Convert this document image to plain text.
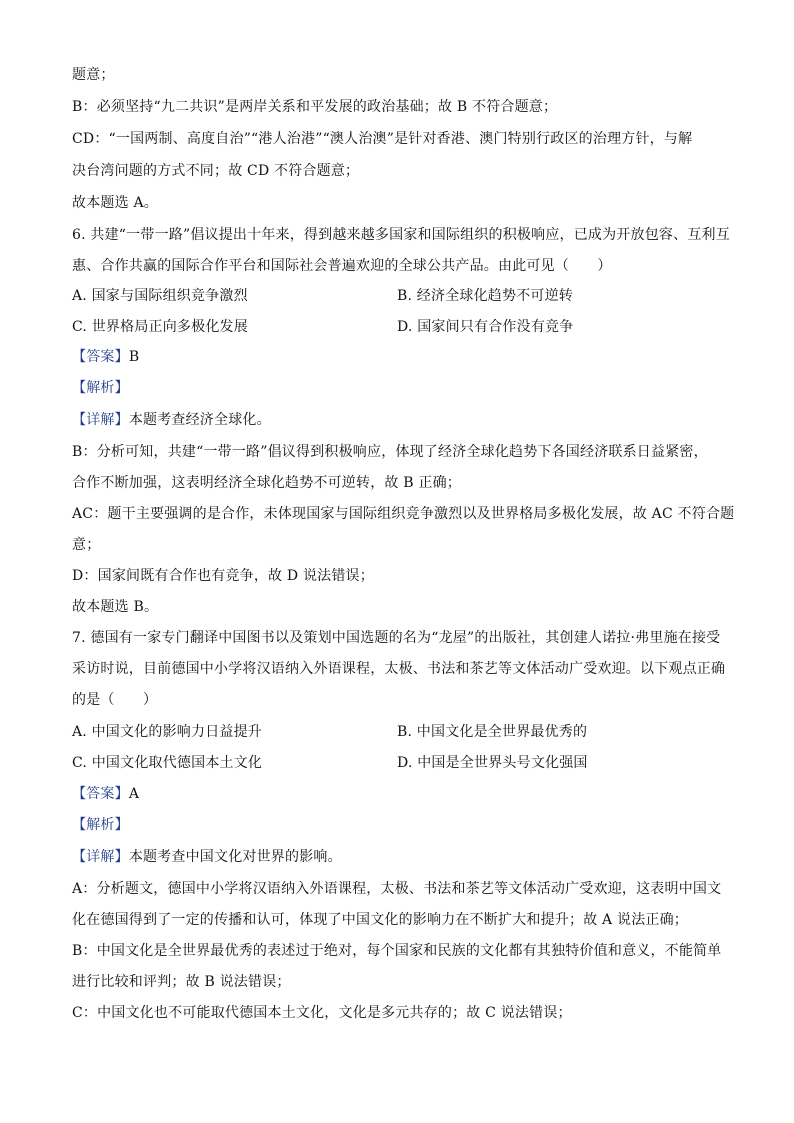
题意；
B：必须坚持“九二共识”是两岸关系和平发展的政治基础；故 B 不符合题意；
CD：“一国两制、高度自治”“港人治港”“澳人治澳”是针对香港、澳门特别行政区的治理方针，与解
决台湾问题的方式不同；故 CD 不符合题意；
故本题选 A。
6. 共建“一带一路”倡议提出十年来，得到越来越多国家和国际组织的积极响应，已成为开放包容、互利互
惠、合作共赢的国际合作平台和国际社会普遍欢迎的全球公共产品。由此可见（　　）
A. 国家与国际组织竞争激烈	B. 经济全球化趋势不可逆转
C. 世界格局正向多极化发展	D. 国家间只有合作没有竞争
【答案】B
【解析】
【详解】本题考查经济全球化。
B：分析可知，共建“一带一路”倡议得到积极响应，体现了经济全球化趋势下各国经济联系日益紧密，
合作不断加强，这表明经济全球化趋势不可逆转，故 B 正确；
AC：题干主要强调的是合作，未体现国家与国际组织竞争激烈以及世界格局多极化发展，故 AC 不符合题
意；
D：国家间既有合作也有竞争，故 D 说法错误；
故本题选 B。
7. 德国有一家专门翻译中国图书以及策划中国选题的名为“龙屋”的出版社，其创建人诺拉·弗里施在接受
采访时说，目前德国中小学将汉语纳入外语课程，太极、书法和茶艺等文体活动广受欢迎。以下观点正确
的是（　　）
A. 中国文化的影响力日益提升	B. 中国文化是全世界最优秀的
C. 中国文化取代德国本土文化	D. 中国是全世界头号文化强国
【答案】A
【解析】
【详解】本题考查中国文化对世界的影响。
A：分析题文，德国中小学将汉语纳入外语课程，太极、书法和茶艺等文体活动广受欢迎，这表明中国文
化在德国得到了一定的传播和认可，体现了中国文化的影响力在不断扩大和提升；故 A 说法正确；
B：中国文化是全世界最优秀的表述过于绝对，每个国家和民族的文化都有其独特价值和意义，不能简单
进行比较和评判；故 B 说法错误；
C：中国文化也不可能取代德国本土文化，文化是多元共存的；故 C 说法错误；
